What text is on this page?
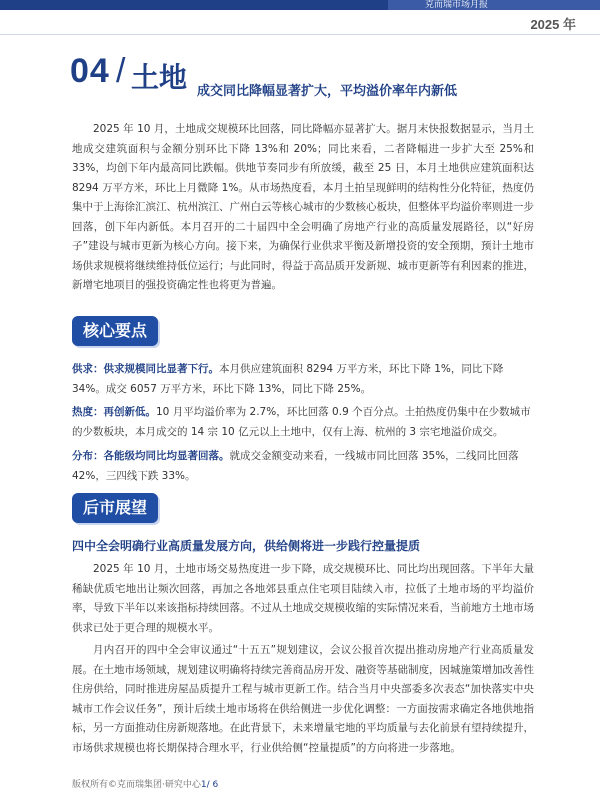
克而瑞市场月报
2025 年
04 / 土地 成交同比降幅显著扩大，平均溢价率年内新低

2025 年 10 月，土地成交规模环比回落，同比降幅亦显著扩大。据月末快报数据显示，当月土地成交建筑面积与金额分别环比下降 13%和 20%；同比来看，二者降幅进一步扩大至 25%和 33%，均创下年内最高同比跌幅。供地节奏同步有所放缓，截至 25 日，本月土地供应建筑面积达 8294 万平方米，环比上月微降 1%。从市场热度看，本月土拍呈现鲜明的结构性分化特征，热度仍集中于上海徐汇滨江、杭州滨江、广州白云等核心城市的少数核心板块，但整体平均溢价率则进一步回落，创下年内新低。本月召开的二十届四中全会明确了房地产行业的高质量发展路径，以“好房子”建设与城市更新为核心方向。接下来，为确保行业供求平衡及新增投资的安全预期，预计土地市场供求规模将继续维持低位运行；与此同时，得益于高品质开发新规、城市更新等有利因素的推进，新增宅地项目的强投资确定性也将更为普遍。

核心要点

供求：供求规模同比显著下行。本月供应建筑面积 8294 万平方米，环比下降 1%，同比下降 34%。成交 6057 万平方米，环比下降 13%，同比下降 25%。

热度：再创新低。10 月平均溢价率为 2.7%，环比回落 0.9 个百分点。土拍热度仍集中在少数城市的少数板块，本月成交的 14 宗 10 亿元以上土地中，仅有上海、杭州的 3 宗宅地溢价成交。

分布：各能级均同比均显著回落。就成交金额变动来看，一线城市同比回落 35%，二线同比回落 42%，三四线下跌 33%。

后市展望
四中全会明确行业高质量发展方向，供给侧将进一步践行控量提质

2025 年 10 月，土地市场交易热度进一步下降，成交规模环比、同比均出现回落。下半年大量稀缺优质宅地出让频次回落，再加之各地郊县重点住宅项目陆续入市，拉低了土地市场的平均溢价率，导致下半年以来该指标持续回落。不过从土地成交规模收缩的实际情况来看，当前地方土地市场供求已处于更合理的规模水平。

月内召开的四中全会审议通过“十五五”规划建议，会议公报首次提出推动房地产行业高质量发展。在土地市场领域，规划建议明确将持续完善商品房开发、融资等基础制度，因城施策增加改善性住房供给，同时推进房屋品质提升工程与城市更新工作。结合当月中央部委多次表态“加快落实中央城市工作会议任务”，预计后续土地市场将在供给侧进一步优化调整：一方面按需求确定各地供地指标，另一方面推动住房新规落地。在此背景下，未来增量宅地的平均质量与去化前景有望持续提升，市场供求规模也将长期保持合理水平，行业供给侧“控量提质”的方向将进一步落地。

版权所有©克而瑞集团·研究中心1/ 6
